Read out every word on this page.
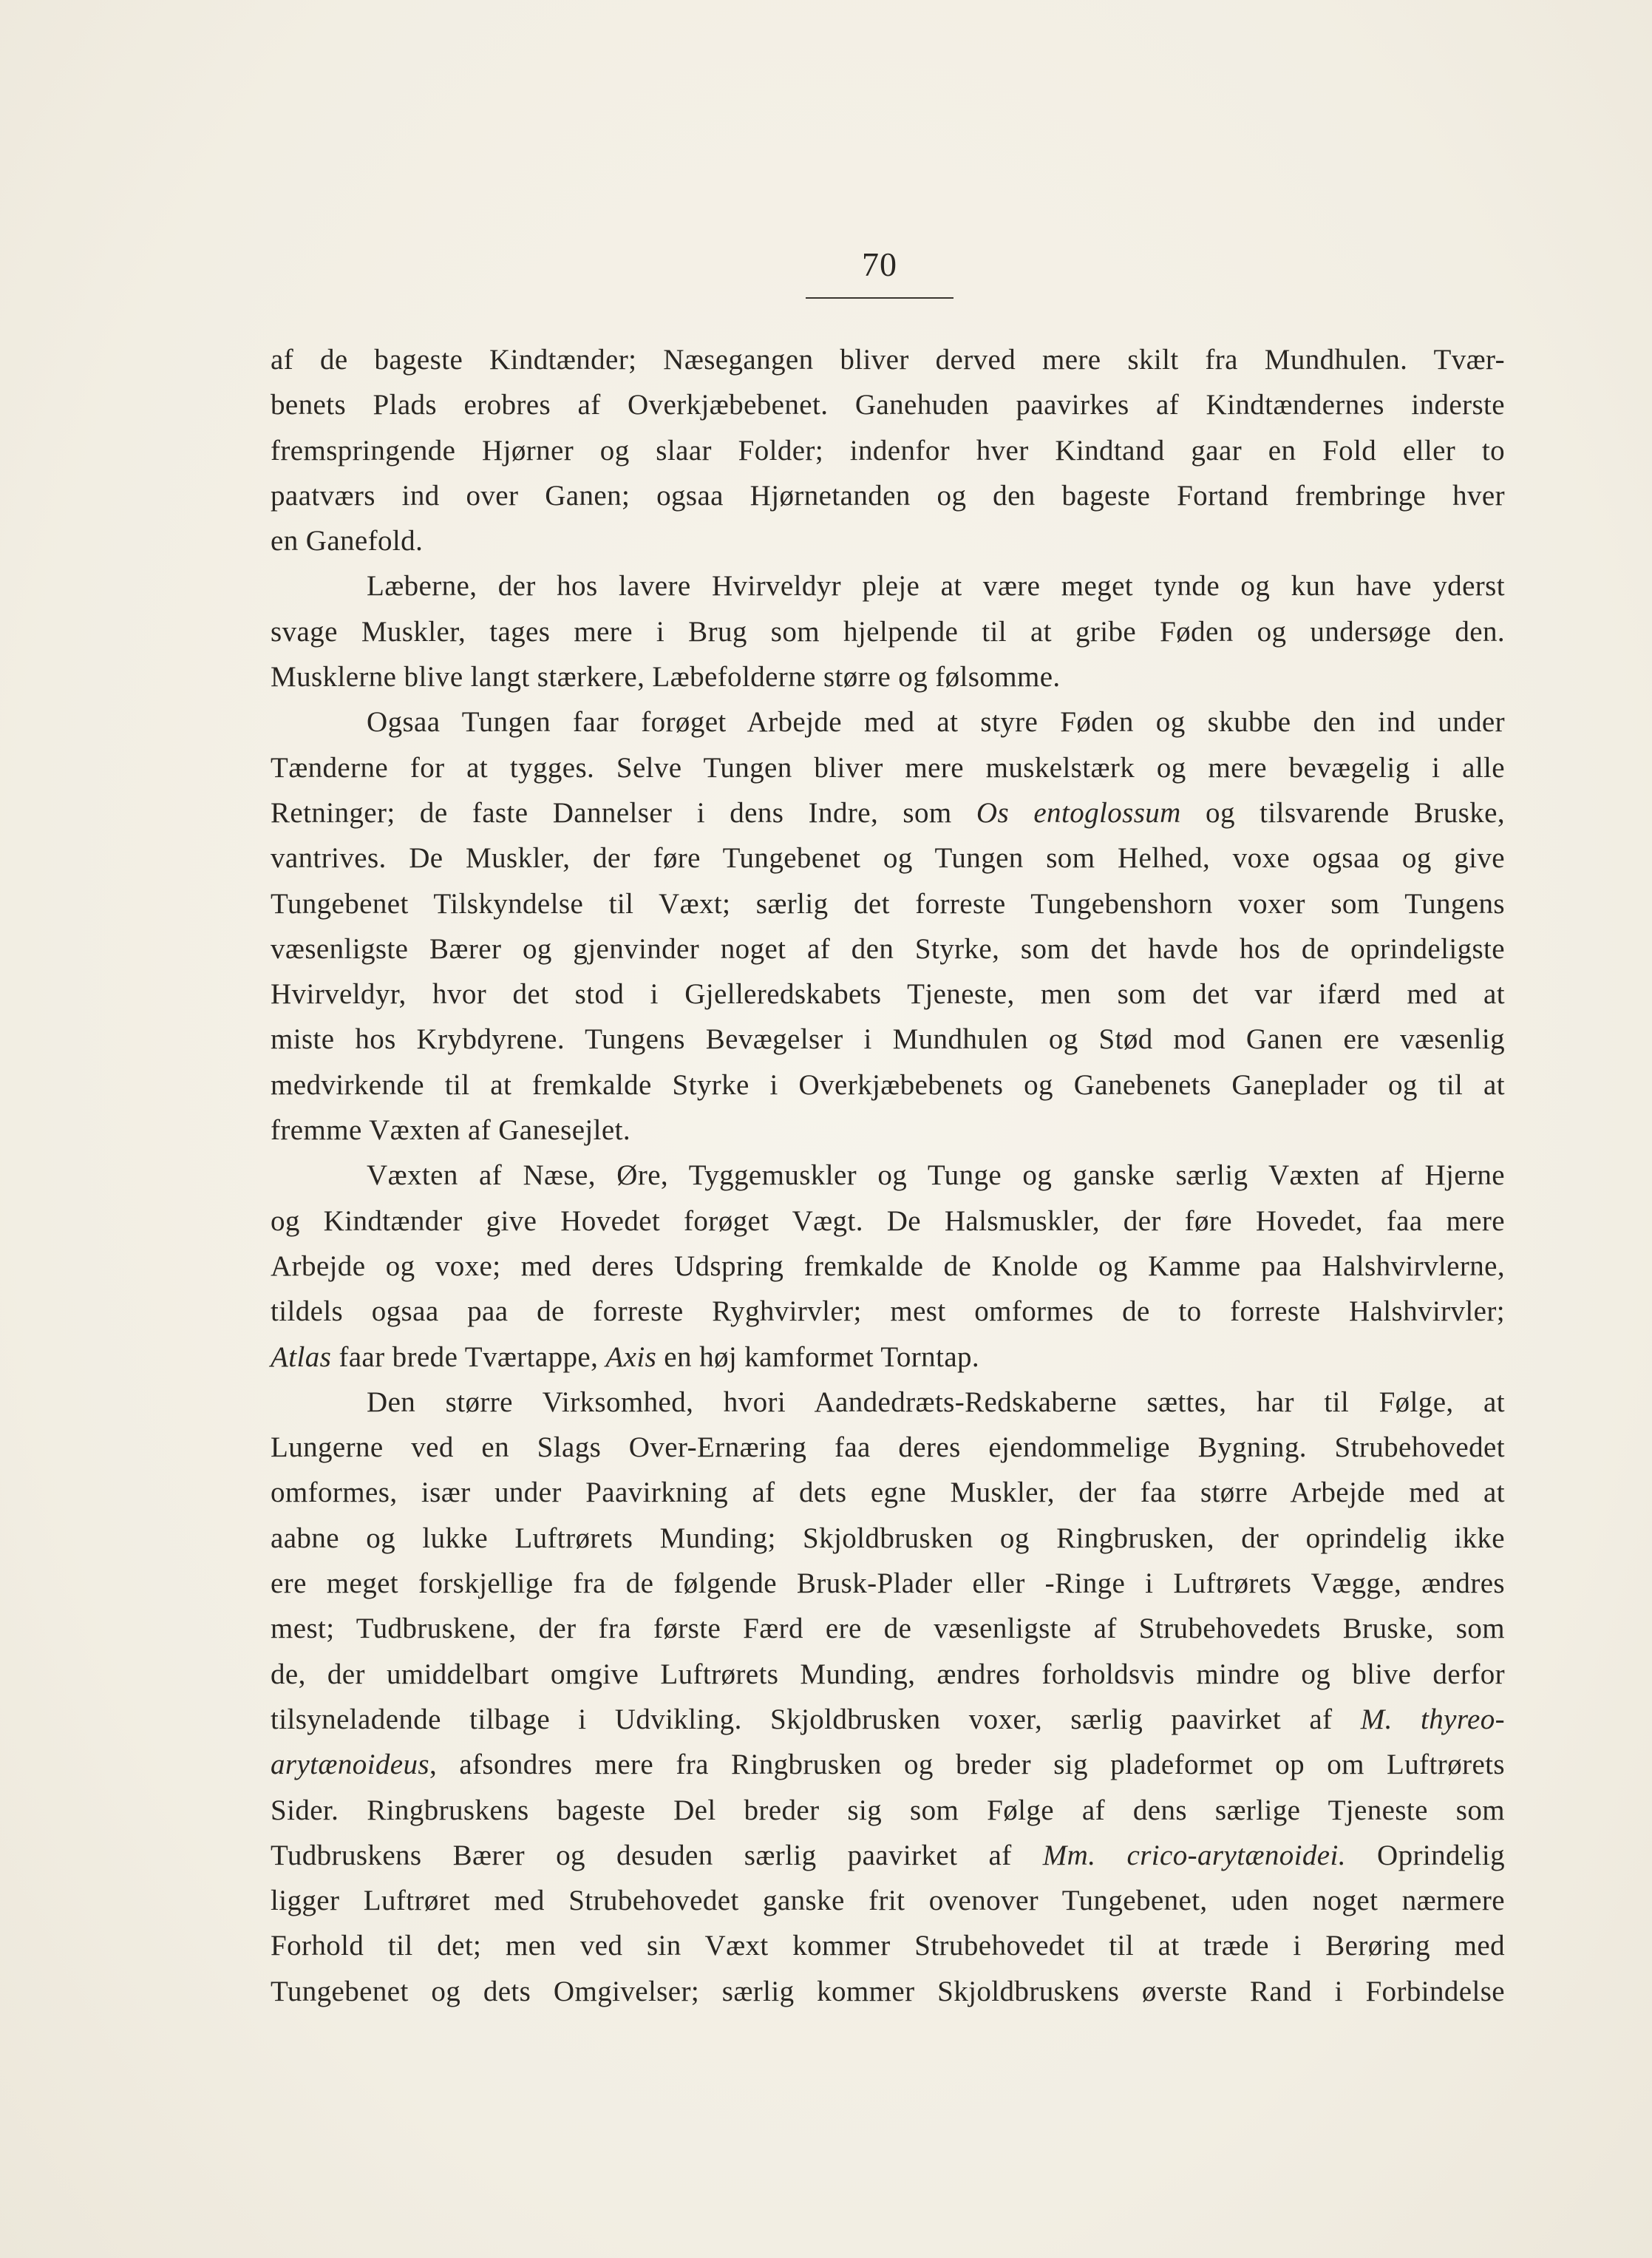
70
af de bageste Kindtænder; Næsegangen bliver derved mere skilt fra Mundhulen. Tvær-
benets Plads erobres af Overkjæbebenet. Ganehuden paavirkes af Kindtændernes inderste
fremspringende Hjørner og slaar Folder; indenfor hver Kindtand gaar en Fold eller to
paatværs ind over Ganen; ogsaa Hjørnetanden og den bageste Fortand frembringe hver
en Ganefold.
Læberne, der hos lavere Hvirveldyr pleje at være meget tynde og kun have yderst
svage Muskler, tages mere i Brug som hjelpende til at gribe Føden og undersøge den.
Musklerne blive langt stærkere, Læbefolderne større og følsomme.
Ogsaa Tungen faar forøget Arbejde med at styre Føden og skubbe den ind under
Tænderne for at tygges. Selve Tungen bliver mere muskelstærk og mere bevægelig i alle
Retninger; de faste Dannelser i dens Indre, som Os entoglossum og tilsvarende Bruske,
vantrives. De Muskler, der føre Tungebenet og Tungen som Helhed, voxe ogsaa og give
Tungebenet Tilskyndelse til Væxt; særlig det forreste Tungebenshorn voxer som Tungens
væsenligste Bærer og gjenvinder noget af den Styrke, som det havde hos de oprindeligste
Hvirveldyr, hvor det stod i Gjelleredskabets Tjeneste, men som det var ifærd med at
miste hos Krybdyrene. Tungens Bevægelser i Mundhulen og Stød mod Ganen ere væsenlig
medvirkende til at fremkalde Styrke i Overkjæbebenets og Ganebenets Ganeplader og til at
fremme Væxten af Ganesejlet.
Væxten af Næse, Øre, Tyggemuskler og Tunge og ganske særlig Væxten af Hjerne
og Kindtænder give Hovedet forøget Vægt. De Halsmuskler, der føre Hovedet, faa mere
Arbejde og voxe; med deres Udspring fremkalde de Knolde og Kamme paa Halshvirvlerne,
tildels ogsaa paa de forreste Ryghvirvler; mest omformes de to forreste Halshvirvler;
Atlas faar brede Tværtappe, Axis en høj kamformet Torntap.
Den større Virksomhed, hvori Aandedræts-Redskaberne sættes, har til Følge, at
Lungerne ved en Slags Over-Ernæring faa deres ejendommelige Bygning. Strubehovedet
omformes, især under Paavirkning af dets egne Muskler, der faa større Arbejde med at
aabne og lukke Luftrørets Munding; Skjoldbrusken og Ringbrusken, der oprindelig ikke
ere meget forskjellige fra de følgende Brusk-Plader eller -Ringe i Luftrørets Vægge, ændres
mest; Tudbruskene, der fra første Færd ere de væsenligste af Strubehovedets Bruske, som
de, der umiddelbart omgive Luftrørets Munding, ændres forholdsvis mindre og blive derfor
tilsyneladende tilbage i Udvikling. Skjoldbrusken voxer, særlig paavirket af M. thyreo-
arytænoideus, afsondres mere fra Ringbrusken og breder sig pladeformet op om Luftrørets
Sider. Ringbruskens bageste Del breder sig som Følge af dens særlige Tjeneste som
Tudbruskens Bærer og desuden særlig paavirket af Mm. crico-arytænoidei. Oprindelig
ligger Luftrøret med Strubehovedet ganske frit ovenover Tungebenet, uden noget nærmere
Forhold til det; men ved sin Væxt kommer Strubehovedet til at træde i Berøring med
Tungebenet og dets Omgivelser; særlig kommer Skjoldbruskens øverste Rand i Forbindelse
